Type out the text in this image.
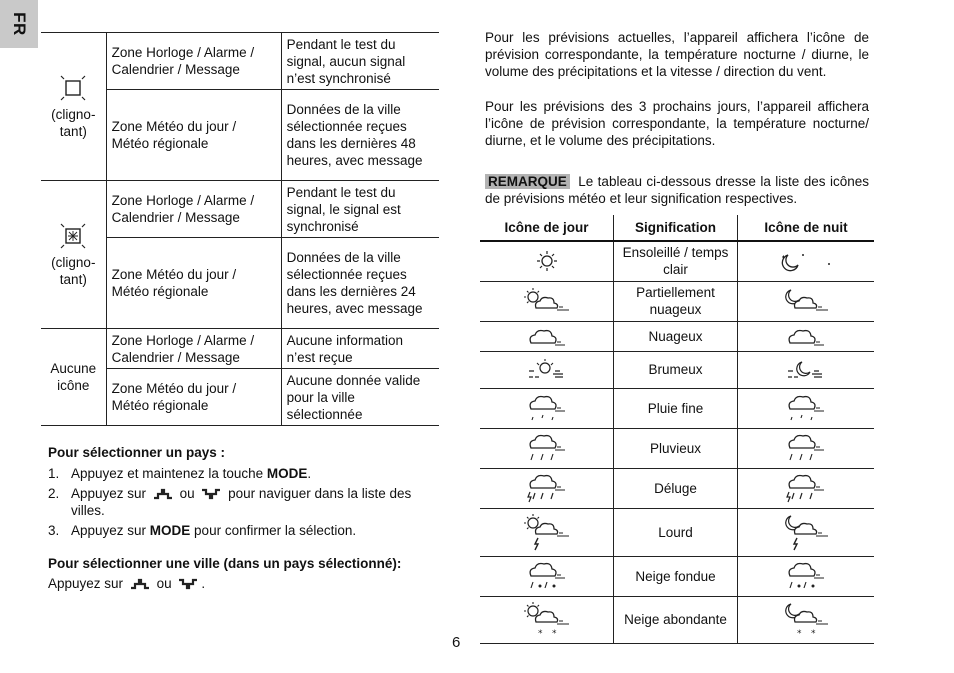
FR
(cligno-
tant)	Zone Horloge / Alarme / Calendrier / Message	Pendant le test du signal, aucun signal n’est synchronisé
	Zone Météo du jour / Météo régionale	Données de la ville sélectionnée reçues dans les dernières 48 heures, avec message

(cligno-
tant)	Zone Horloge / Alarme / Calendrier / Message	Pendant le test du signal, le signal est synchronisé
	Zone Météo du jour / Météo régionale	Données de la ville sélectionnée reçues dans les dernières 24 heures, avec message
Aucune
icône	Zone Horloge / Alarme / Calendrier / Message	Aucune information n’est reçue
	Zone Météo du jour / Météo régionale	Aucune donnée valide pour la ville sélectionnée

Pour sélectionner un pays :

1. Appuyez et maintenez la touche MODE.
2. Appuyez sur ou pour naviguer dans la liste des villes.
3. Appuyez sur MODE pour confirmer la sélection.

Pour sélectionner une ville (dans un pays sélectionné):

Appuyez sur ou .

6

Pour les prévisions actuelles, l’appareil affichera l’icône de prévision correspondante, la température nocturne / diurne, le volume des précipitations et la vitesse / direction du vent.

Pour les prévisions des 3 prochains jours, l’appareil affichera l’icône de prévision correspondante, la température nocturne/ diurne, et le volume des précipitations.

REMARQUE Le tableau ci-dessous dresse la liste des icônes de prévisions météo et leur signification respectives.

Icône de jour	Signification	Icône de nuit

	Ensoleillé / temps clair	

	Partiellement nuageux	

	Nuageux	

	Brumeux	

	Pluie fine	

	Pluvieux	

	Déluge	

	Lourd	

	Neige fondue	

* *	Neige abondante	* *
